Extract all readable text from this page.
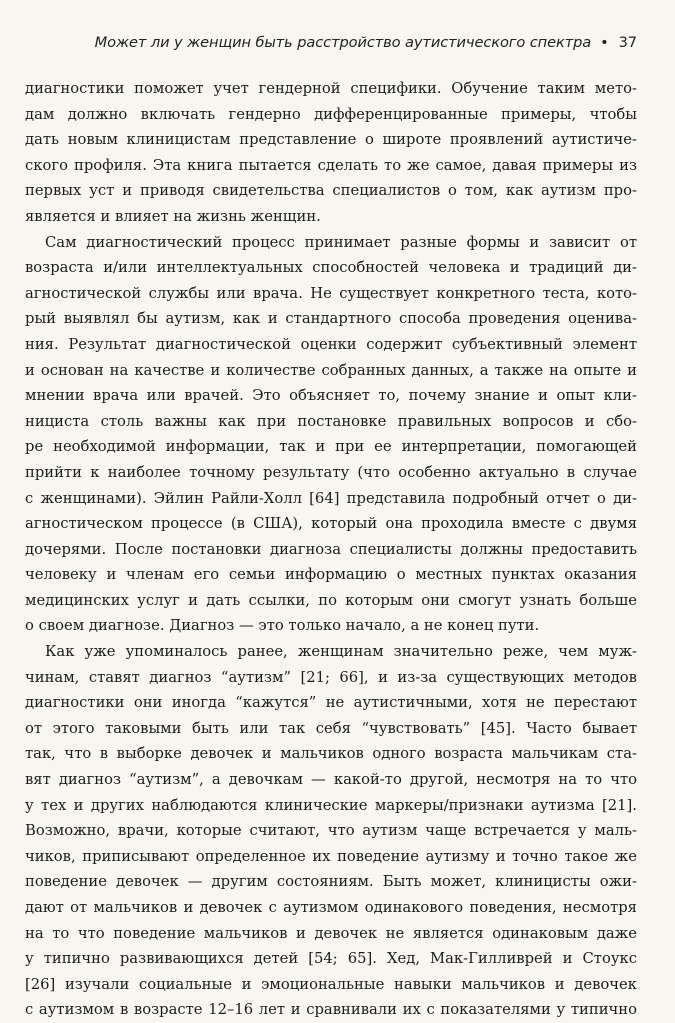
Может ли у женщин быть расстройство аутистического спектра • 37
диагностики поможет учет гендерной специфики. Обучение таким мето-
дам должно включать гендерно дифференцированные примеры, чтобы
дать новым клиницистам представление о широте проявлений аутистиче-
ского профиля. Эта книга пытается сделать то же самое, давая примеры из
первых уст и приводя свидетельства специалистов о том, как аутизм про-
является и влияет на жизнь женщин.
Сам диагностический процесс принимает разные формы и зависит от
возраста и/или интеллектуальных способностей человека и традиций ди-
агностической службы или врача. Не существует конкретного теста, кото-
рый выявлял бы аутизм, как и стандартного способа проведения оценива-
ния. Результат диагностической оценки содержит субъективный элемент
и основан на качестве и количестве собранных данных, а также на опыте и
мнении врача или врачей. Это объясняет то, почему знание и опыт кли-
нициста столь важны как при постановке правильных вопросов и сбо-
ре необходимой информации, так и при ее интерпретации, помогающей
прийти к наиболее точному результату (что особенно актуально в случае
с женщинами). Эйлин Райли-Холл [64] представила подробный отчет о ди-
агностическом процессе (в США), который она проходила вместе с двумя
дочерями. После постановки диагноза специалисты должны предоставить
человеку и членам его семьи информацию о местных пунктах оказания
медицинских услуг и дать ссылки, по которым они смогут узнать больше
о своем диагнозе. Диагноз — это только начало, а не конец пути.
Как уже упоминалось ранее, женщинам значительно реже, чем муж-
чинам, ставят диагноз “аутизм” [21; 66], и из-за существующих методов
диагностики они иногда “кажутся” не аутистичными, хотя не перестают
от этого таковыми быть или так себя “чувствовать” [45]. Часто бывает
так, что в выборке девочек и мальчиков одного возраста мальчикам ста-
вят диагноз “аутизм”, а девочкам — какой-то другой, несмотря на то что
у тех и других наблюдаются клинические маркеры/признаки аутизма [21].
Возможно, врачи, которые считают, что аутизм чаще встречается у маль-
чиков, приписывают определенное их поведение аутизму и точно такое же
поведение девочек — другим состояниям. Быть может, клиницисты ожи-
дают от мальчиков и девочек с аутизмом одинакового поведения, несмотря
на то что поведение мальчиков и девочек не является одинаковым даже
у типично развивающихся детей [54; 65]. Хед, Мак-Гилливрей и Стоукс
[26] изучали социальные и эмоциональные навыки мальчиков и девочек
с аутизмом в возрасте 12–16 лет и сравнивали их с показателями у типично
